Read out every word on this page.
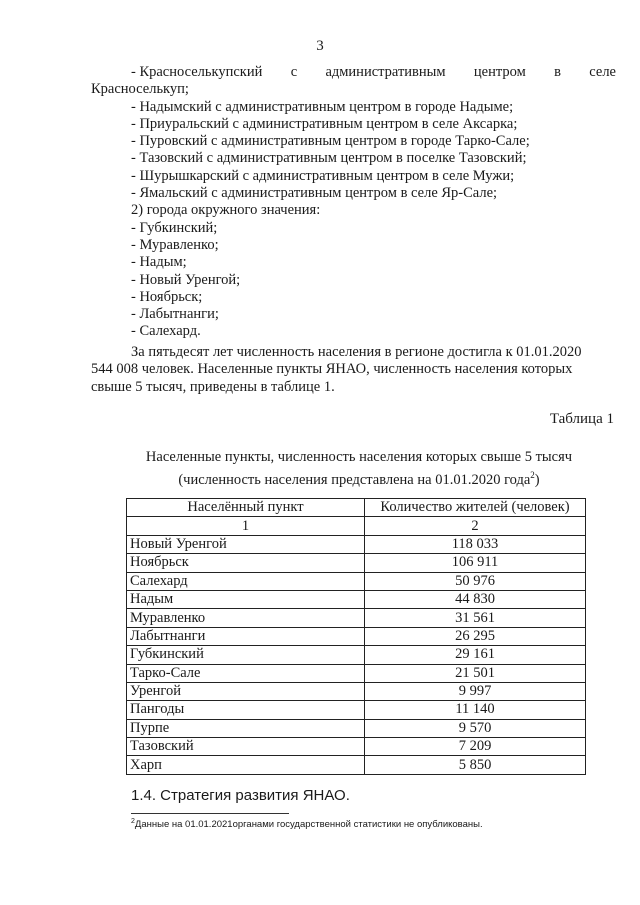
3
- Красноселькупский с административным центром в селе
Красноселькуп;
- Надымский с административным центром в городе Надыме;
- Приуральский с административным центром в селе Аксарка;
- Пуровский с административным центром в городе Тарко-Сале;
- Тазовский с административным центром в поселке Тазовский;
- Шурышкарский с административным центром в селе Мужи;
- Ямальский с административным центром в селе Яр-Сале;
2) города окружного значения:
- Губкинский;
- Муравленко;
- Надым;
- Новый Уренгой;
- Ноябрьск;
- Лабытнанги;
- Салехард.
За пятьдесят лет численность населения в регионе достигла к 01.01.2020
544 008 человек. Населенные пункты ЯНАО, численность населения которых свыше 5 тысяч, приведены в таблице 1.
Таблица 1
Населенные пункты, численность населения которых свыше 5 тысяч
(численность населения представлена на 01.01.2020 года$^2$)
Населённый пункт	Количество жителей (человек)
1	2
Новый Уренгой	118 033
Ноябрьск	106 911
Салехард	50 976
Надым	44 830
Муравленко	31 561
Лабытнанги	26 295
Губкинский	29 161
Тарко-Сале	21 501
Уренгой	9 997
Пангоды	11 140
Пурпе	9 570
Тазовский	7 209
Харп	5 850
1.4. Стратегия развития ЯНАО.
$^2$Данные на 01.01.2021органами государственной статистики не опубликованы.
